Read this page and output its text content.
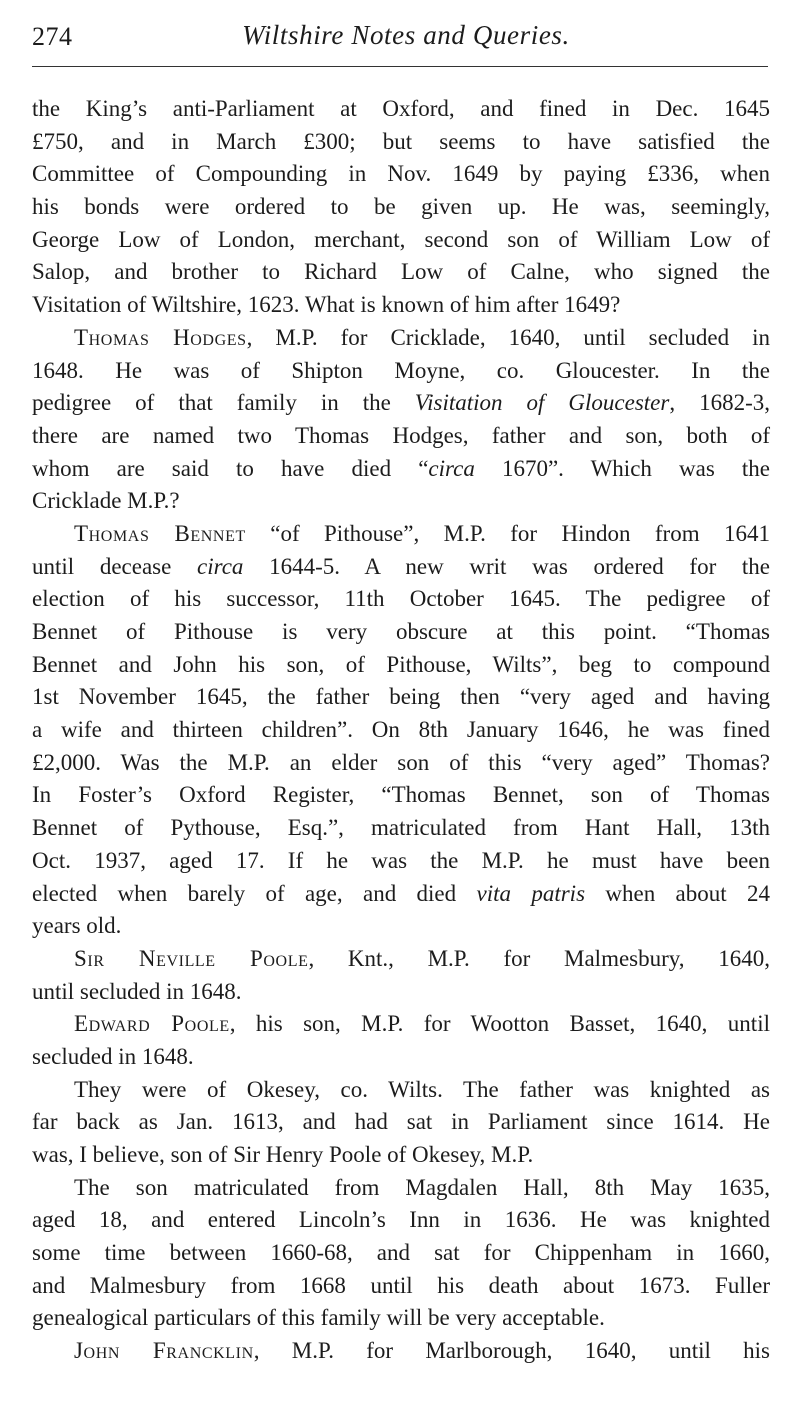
274	Wiltshire Notes and Queries.
the King’s anti-Parliament at Oxford, and fined in Dec. 1645
£750, and in March £300; but seems to have satisfied the
Committee of Compounding in Nov. 1649 by paying £336, when
his bonds were ordered to be given up. He was, seemingly,
George Low of London, merchant, second son of William Low of
Salop, and brother to Richard Low of Calne, who signed the
Visitation of Wiltshire, 1623. What is known of him after 1649?
Thomas Hodges, M.P. for Cricklade, 1640, until secluded in
1648. He was of Shipton Moyne, co. Gloucester. In the
pedigree of that family in the Visitation of Gloucester, 1682-3,
there are named two Thomas Hodges, father and son, both of
whom are said to have died “circa 1670”. Which was the
Cricklade M.P.?
Thomas Bennet “of Pithouse”, M.P. for Hindon from 1641
until decease circa 1644-5. A new writ was ordered for the
election of his successor, 11th October 1645. The pedigree of
Bennet of Pithouse is very obscure at this point. “Thomas
Bennet and John his son, of Pithouse, Wilts”, beg to compound
1st November 1645, the father being then “very aged and having
a wife and thirteen children”. On 8th January 1646, he was fined
£2,000. Was the M.P. an elder son of this “very aged” Thomas?
In Foster’s Oxford Register, “Thomas Bennet, son of Thomas
Bennet of Pythouse, Esq.”, matriculated from Hant Hall, 13th
Oct. 1937, aged 17. If he was the M.P. he must have been
elected when barely of age, and died vita patris when about 24
years old.
Sir Neville Poole, Knt., M.P. for Malmesbury, 1640,
until secluded in 1648.
Edward Poole, his son, M.P. for Wootton Basset, 1640, until
secluded in 1648.
They were of Okesey, co. Wilts. The father was knighted as
far back as Jan. 1613, and had sat in Parliament since 1614. He
was, I believe, son of Sir Henry Poole of Okesey, M.P.
The son matriculated from Magdalen Hall, 8th May 1635,
aged 18, and entered Lincoln’s Inn in 1636. He was knighted
some time between 1660-68, and sat for Chippenham in 1660,
and Malmesbury from 1668 until his death about 1673. Fuller
genealogical particulars of this family will be very acceptable.
John Francklin, M.P. for Marlborough, 1640, until his
